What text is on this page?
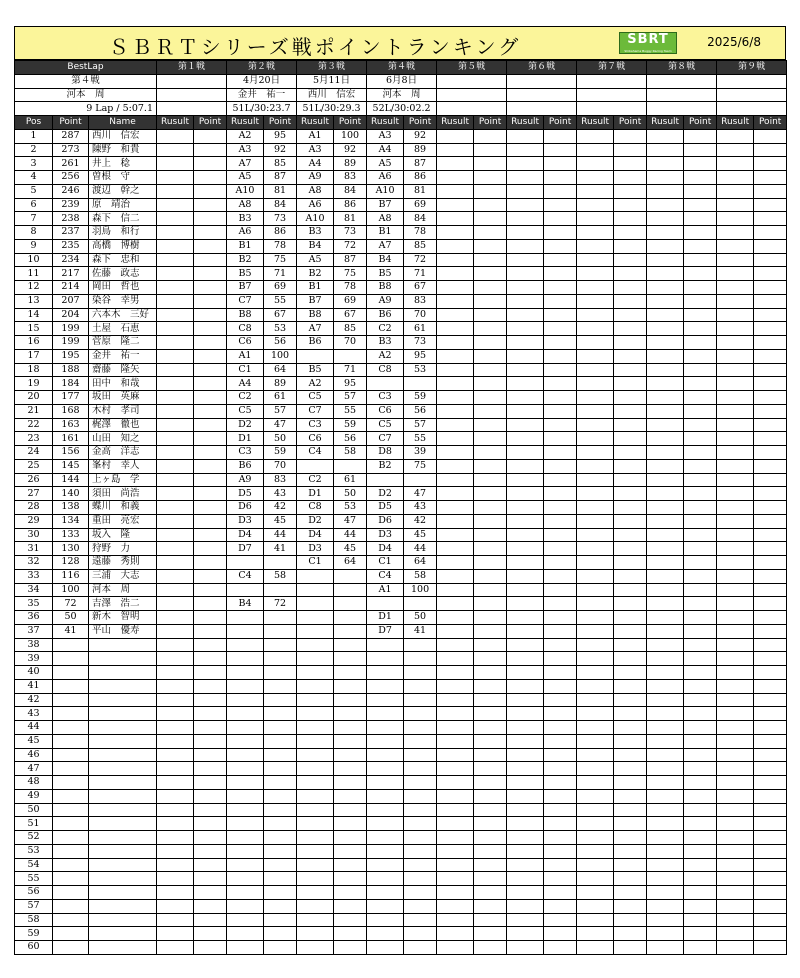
ＳＢＲＴシリーズ戦ポイントランキング	SBRT
Shibahama Buggy Racing Team
2025/6/8
BestLap			第１戦		第２戦		第３戦		第４戦		第５戦		第６戦		第７戦		第８戦		第９戦	
第４戦					4月20日		5月11日		6月8日											
河本　周					金井　祐一		西川　信宏		河本　周											
9 Lap / 5:07.1					51L/30:23.7		51L/30:29.3		52L/30:02.2											
Pos	Point	Name	Rusult	Point	Rusult	Point	Rusult	Point	Rusult	Point	Rusult	Point	Rusult	Point	Rusult	Point	Rusult	Point	Rusult	Point
1	287	西川　信宏			A2	95	A1	100	A3	92										
2	273	陳野　和貴			A3	92	A3	92	A4	89										
3	261	井上　稔			A7	85	A4	89	A5	87										
4	256	曽根　守			A5	87	A9	83	A6	86										
5	246	渡辺　幹之			A10	81	A8	84	A10	81										
6	239	原　靖治			A8	84	A6	86	B7	69										
7	238	森下　信二			B3	73	A10	81	A8	84										
8	237	羽鳥　和行			A6	86	B3	73	B1	78										
9	235	高橋　博樹			B1	78	B4	72	A7	85										
10	234	森下　忠和			B2	75	A5	87	B4	72										
11	217	佐藤　政志			B5	71	B2	75	B5	71										
12	214	岡田　哲也			B7	69	B1	78	B8	67										
13	207	染谷　幸男			C7	55	B7	69	A9	83										
14	204	六本木　三好			B8	67	B8	67	B6	70										
15	199	土屋　石恵			C8	53	A7	85	C2	61										
16	199	菅原　隆二			C6	56	B6	70	B3	73										
17	195	金井　祐一			A1	100			A2	95										
18	188	齋藤　隆矢			C1	64	B5	71	C8	53										
19	184	田中　和哉			A4	89	A2	95												
20	177	坂田　英麻			C2	61	C5	57	C3	59										
21	168	木村　孝司			C5	57	C7	55	C6	56										
22	163	梶澤　徹也			D2	47	C3	59	C5	57										
23	161	山田　知之			D1	50	C6	56	C7	55										
24	156	金高　洋志			C3	59	C4	58	D8	39										
25	145	峯村　幸人			B6	70			B2	75										
26	144	上ヶ島　学			A9	83	C2	61												
27	140	須田　尚浩			D5	43	D1	50	D2	47										
28	138	蝶川　和義			D6	42	C8	53	D5	43										
29	134	重田　亮宏			D3	45	D2	47	D6	42										
30	133	坂入　隆			D4	44	D4	44	D3	45										
31	130	狩野　力			D7	41	D3	45	D4	44										
32	128	遠藤　秀則					C1	64	C1	64										
33	116	三浦　大志			C4	58			C4	58										
34	100	河本　周							A1	100										
35	72	吉澤　浩二			B4	72														
36	50	新木　智明							D1	50										
37	41	平山　優寿							D7	41										
38																				
39																				
40																				
41																				
42																				
43																				
44																				
45																				
46																				
47																				
48																				
49																				
50																				
51																				
52																				
53																				
54																				
55																				
56																				
57																				
58																				
59																				
60																				
